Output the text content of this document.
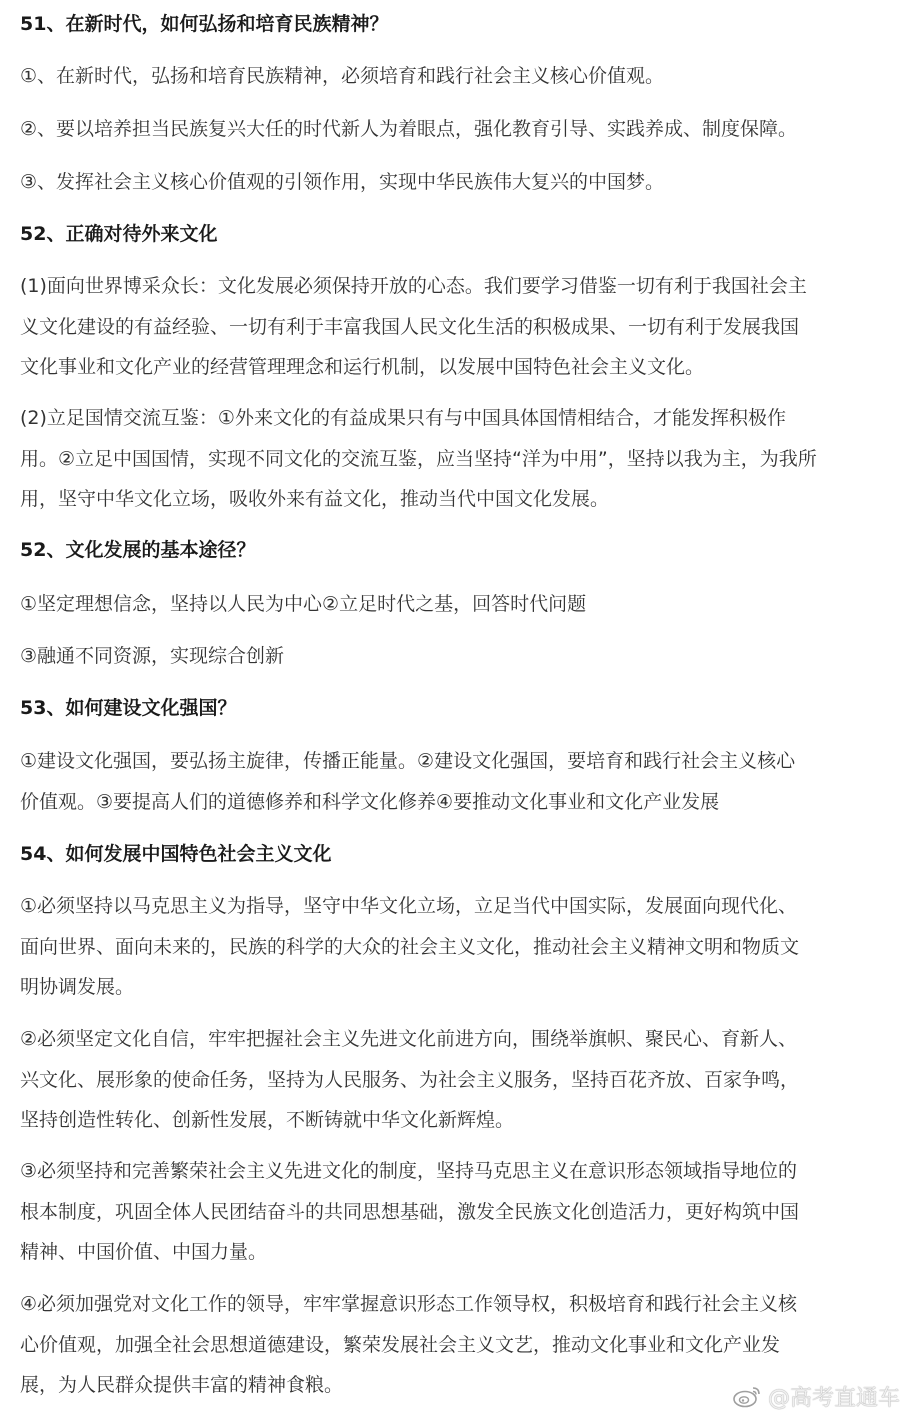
51、在新时代，如何弘扬和培育民族精神？
①、在新时代，弘扬和培育民族精神，必须培育和践行社会主义核心价值观。
②、要以培养担当民族复兴大任的时代新人为着眼点，强化教育引导、实践养成、制度保障。
③、发挥社会主义核心价值观的引领作用，实现中华民族伟大复兴的中国梦。
52、正确对待外来文化
(1)面向世界博采众长：文化发展必须保持开放的心态。我们要学习借鉴一切有利于我国社会主
义文化建设的有益经验、一切有利于丰富我国人民文化生活的积极成果、一切有利于发展我国
文化事业和文化产业的经营管理理念和运行机制，以发展中国特色社会主义文化。
(2)立足国情交流互鉴：①外来文化的有益成果只有与中国具体国情相结合，才能发挥积极作
用。②立足中国国情，实现不同文化的交流互鉴，应当坚持“洋为中用”，坚持以我为主，为我所
用，坚守中华文化立场，吸收外来有益文化，推动当代中国文化发展。
52、文化发展的基本途径？
①坚定理想信念，坚持以人民为中心②立足时代之基，回答时代问题
③融通不同资源，实现综合创新
53、如何建设文化强国？
①建设文化强国，要弘扬主旋律，传播正能量。②建设文化强国，要培育和践行社会主义核心
价值观。③要提高人们的道德修养和科学文化修养④要推动文化事业和文化产业发展
54、如何发展中国特色社会主义文化
①必须坚持以马克思主义为指导，坚守中华文化立场，立足当代中国实际，发展面向现代化、
面向世界、面向未来的，民族的科学的大众的社会主义文化，推动社会主义精神文明和物质文
明协调发展。
②必须坚定文化自信，牢牢把握社会主义先进文化前进方向，围绕举旗帜、聚民心、育新人、
兴文化、展形象的使命任务，坚持为人民服务、为社会主义服务，坚持百花齐放、百家争鸣，
坚持创造性转化、创新性发展，不断铸就中华文化新辉煌。
③必须坚持和完善繁荣社会主义先进文化的制度，坚持马克思主义在意识形态领域指导地位的
根本制度，巩固全体人民团结奋斗的共同思想基础，激发全民族文化创造活力，更好构筑中国
精神、中国价值、中国力量。
④必须加强党对文化工作的领导，牢牢掌握意识形态工作领导权，积极培育和践行社会主义核
心价值观，加强全社会思想道德建设，繁荣发展社会主义文艺，推动文化事业和文化产业发
展，为人民群众提供丰富的精神食粮。
@高考直通车
